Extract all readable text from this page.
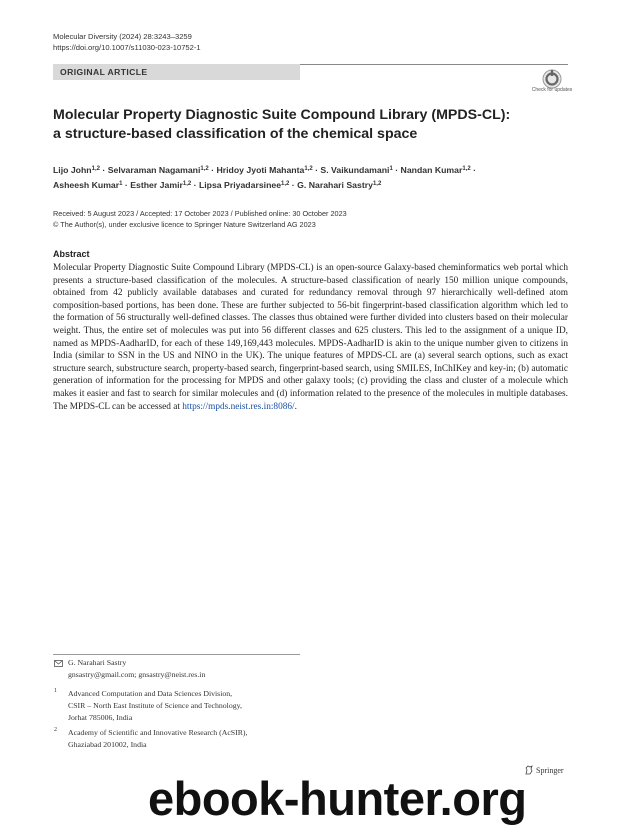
Molecular Diversity (2024) 28:3243–3259
https://doi.org/10.1007/s11030-023-10752-1
ORIGINAL ARTICLE
Check for updates
Molecular Property Diagnostic Suite Compound Library (MPDS-CL):
a structure-based classification of the chemical space
Lijo John$^{1,2}$ · Selvaraman Nagamani$^{1,2}$ · Hridoy Jyoti Mahanta$^{1,2}$ · S. Vaikundamani$^1$ · Nandan Kumar$^{1,2}$ ·
Asheesh Kumar$^1$ · Esther Jamir$^{1,2}$ · Lipsa Priyadarsinee$^{1,2}$ · G. Narahari Sastry$^{1,2}$
Received: 5 August 2023 / Accepted: 17 October 2023 / Published online: 30 October 2023
© The Author(s), under exclusive licence to Springer Nature Switzerland AG 2023
Abstract
Molecular Property Diagnostic Suite Compound Library (MPDS-CL) is an open-source Galaxy-based cheminformatics web portal which presents a structure-based classification of the molecules. A structure-based classification of nearly 150 million unique compounds, obtained from 42 publicly available databases and curated for redundancy removal through 97 hierarchically well-defined atom composition-based portions, has been done. These are further subjected to 56-bit fingerprint-based classification algorithm which led to the formation of 56 structurally well-defined classes. The classes thus obtained were further divided into clusters based on their molecular weight. Thus, the entire set of molecules was put into 56 different classes and 625 clusters. This led to the assignment of a unique ID, named as MPDS-AadharID, for each of these 149,169,443 molecules. MPDS-AadharID is akin to the unique number given to citizens in India (similar to SSN in the US and NINO in the UK). The unique features of MPDS-CL are (a) several search options, such as exact structure search, substructure search, property-based search, fingerprint-based search, using SMILES, InChIKey and key-in; (b) automatic generation of information for the processing for MPDS and other galaxy tools; (c) providing the class and cluster of a molecule which makes it easier and fast to search for similar molecules and (d) information related to the presence of the molecules in multiple databases. The MPDS-CL can be accessed at https://mpds.neist.res.in:8086/.
G. Narahari Sastry
gnsastry@gmail.com; gnsastry@neist.res.in
1 Advanced Computation and Data Sciences Division,
CSIR – North East Institute of Science and Technology,
Jorhat 785006, India
2 Academy of Scientific and Innovative Research (AcSIR),
Ghaziabad 201002, India
Springer
ebook-hunter.org
